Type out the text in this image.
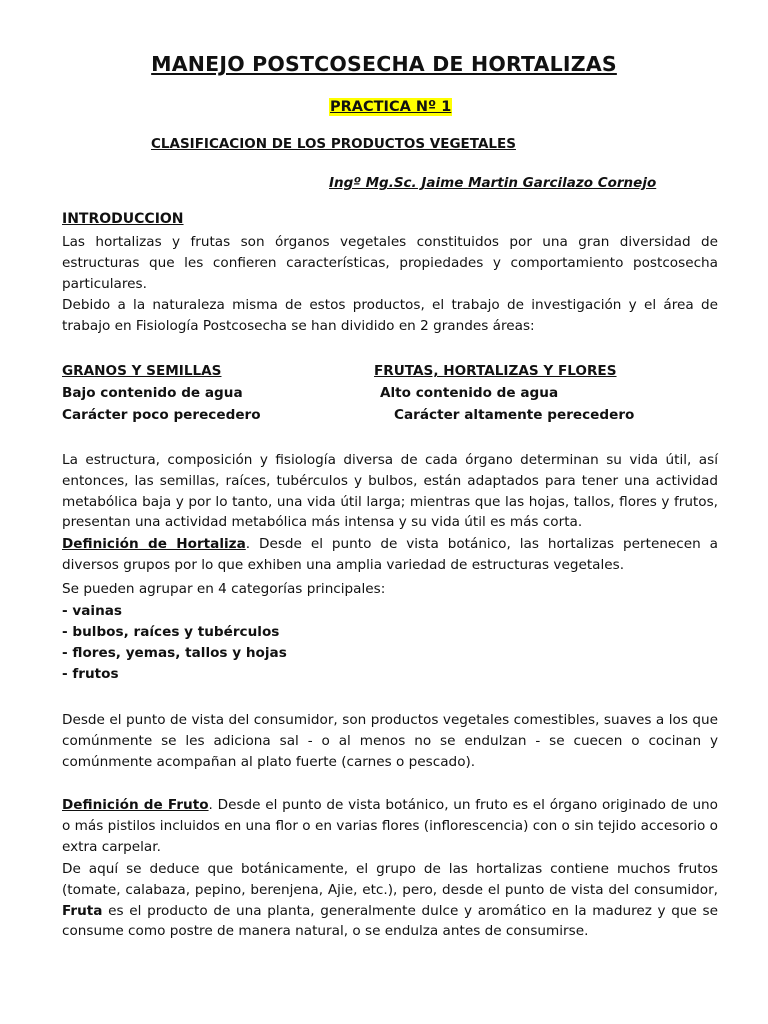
MANEJO POSTCOSECHA DE HORTALIZAS
PRACTICA Nº 1

CLASIFICACION DE LOS PRODUCTOS VEGETALES

Ingº Mg.Sc. Jaime Martin Garcilazo Cornejo

INTRODUCCION

Las hortalizas y frutas son órganos vegetales constituidos por una gran diversidad de estructuras que les confieren características, propiedades y comportamiento postcosecha particulares.

Debido a la naturaleza misma de estos productos, el trabajo de investigación y el área de trabajo en Fisiología Postcosecha se han dividido en 2 grandes áreas:

GRANOS Y SEMILLAS

Bajo contenido de agua

Carácter poco perecedero

FRUTAS, HORTALIZAS Y FLORES

Alto contenido de agua

Carácter altamente perecedero

La estructura, composición y fisiología diversa de cada órgano determinan su vida útil, así entonces, las semillas, raíces, tubérculos y bulbos, están adaptados para tener una actividad metabólica baja y por lo tanto, una vida útil larga; mientras que las hojas, tallos, flores y frutos, presentan una actividad metabólica más intensa y su vida útil es más corta.

Definición de Hortaliza. Desde el punto de vista botánico, las hortalizas pertenecen a diversos grupos por lo que exhiben una amplia variedad de estructuras vegetales.

Se pueden agrupar en 4 categorías principales:

- vainas
- bulbos, raíces y tubérculos
- flores, yemas, tallos y hojas
- frutos

Desde el punto de vista del consumidor, son productos vegetales comestibles, suaves a los que comúnmente se les adiciona sal - o al menos no se endulzan - se cuecen o cocinan y comúnmente acompañan al plato fuerte (carnes o pescado).

Definición de Fruto. Desde el punto de vista botánico, un fruto es el órgano originado de uno o más pistilos incluidos en una flor o en varias flores (inflorescencia) con o sin tejido accesorio o extra carpelar.

De aquí se deduce que botánicamente, el grupo de las hortalizas contiene muchos frutos (tomate, calabaza, pepino, berenjena, Ajie, etc.), pero, desde el punto de vista del consumidor, Fruta es el producto de una planta, generalmente dulce y aromático en la madurez y que se consume como postre de manera natural, o se endulza antes de consumirse.
